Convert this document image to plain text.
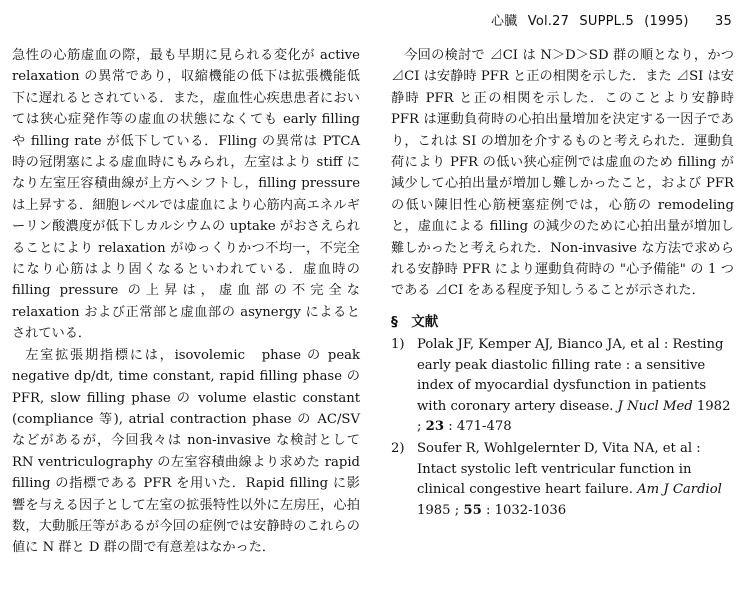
心臓 Vol.27 SUPPL.5 (1995) 35

急性の心筋虚血の際，最も早期に見られる変化が active relaxation の異常であり，収縮機能の低下は拡張機能低下に遅れるとされている．また，虚血性心疾患患者においては狭心症発作等の虚血の状態になくても early filling や filling rate が低下している．Flling の異常は PTCA 時の冠閉塞による虚血時にもみられ，左室はより stiff になり左室圧容積曲線が上方へシフトし，filling pressure は上昇する．細胞レベルでは虚血により心筋内高エネルギーリン酸濃度が低下しカルシウムの uptake がおさえられることにより relaxation がゆっくりかつ不均一，不完全になり心筋はより固くなるといわれている．虚血時の filling pressure の上昇は，虚血部の不完全な relaxation および正常部と虚血部の asynergy によるとされている．

左室拡張期指標には，isovolemic　phase の peak negative dp/dt, time constant, rapid filling phase の PFR, slow filling phase の volume elastic constant (compliance 等), atrial contraction phase の AC/SV などがあるが，今回我々は non-invasive な検討として RN ventriculography の左室容積曲線より求めた rapid filling の指標である PFR を用いた．Rapid filling に影響を与える因子として左室の拡張特性以外に左房圧，心拍数，大動脈圧等があるが今回の症例では安静時のこれらの値に N 群と D 群の間で有意差はなかった．

今回の検討で ⊿CI は N＞D＞SD 群の順となり，かつ ⊿CI は安静時 PFR と正の相関を示した．また ⊿SI は安静時 PFR と正の相関を示した．このことより安静時 PFR は運動負荷時の心拍出量増加を決定する一因子であり，これは SI の増加を介するものと考えられた．運動負荷により PFR の低い狭心症例では虚血のため filling が減少して心拍出量が増加し難しかったこと，および PFR の低い陳旧性心筋梗塞症例では，心筋の remodeling と，虚血による filling の減少のために心拍出量が増加し難しかったと考えられた．Non-invasive な方法で求められる安静時 PFR により運動負荷時の "心予備能" の 1 つである ⊿CI をある程度予知しうることが示された．

§　文献
1) Polak JF, Kemper AJ, Bianco JA, et al : Resting early peak diastolic filling rate : a sensitive index of myocardial dysfunction in patients with coronary artery disease. J Nucl Med 1982 ; 23 : 471-478
2) Soufer R, Wohlgelernter D, Vita NA, et al : Intact systolic left ventricular function in clinical congestive heart failure. Am J Cardiol 1985 ; 55 : 1032-1036
